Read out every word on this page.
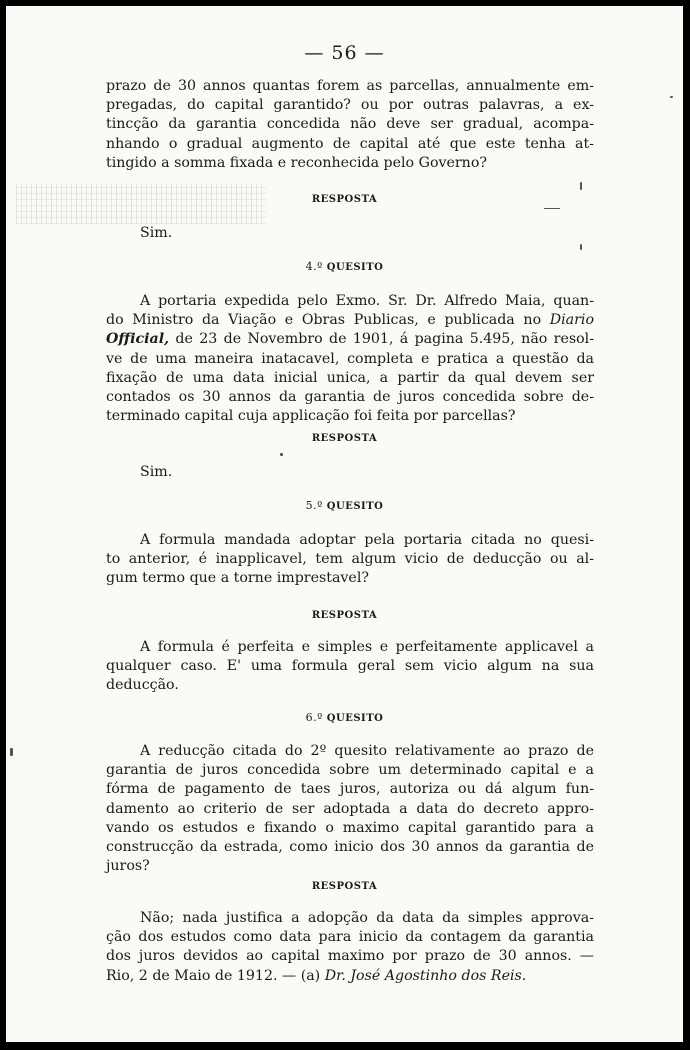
— 56 —
prazo de 30 annos quantas forem as parcellas, annualmente em-
pregadas, do capital garantido? ou por outras palavras, a ex-
tincção da garantia concedida não deve ser gradual, acompa-
nhando o gradual augmento de capital até que este tenha at-
tingido a somma fixada e reconhecida pelo Governo?
RESPOSTA
Sim.
4.º QUESITO
A portaria expedida pelo Exmo. Sr. Dr. Alfredo Maia, quan-
do Ministro da Viação e Obras Publicas, e publicada no Diario
Official, de 23 de Novembro de 1901, á pagina 5.495, não resol-
ve de uma maneira inatacavel, completa e pratica a questão da
fixação de uma data inicial unica, a partir da qual devem ser
contados os 30 annos da garantia de juros concedida sobre de-
terminado capital cuja applicação foi feita por parcellas?
RESPOSTA
Sim.
5.º QUESITO
A formula mandada adoptar pela portaria citada no quesi-
to anterior, é inapplicavel, tem algum vicio de deducção ou al-
gum termo que a torne imprestavel?
RESPOSTA
A formula é perfeita e simples e perfeitamente applicavel a
qualquer caso. E' uma formula geral sem vicio algum na sua
deducção.
6.º QUESITO
A reducção citada do 2º quesito relativamente ao prazo de
garantia de juros concedida sobre um determinado capital e a
fórma de pagamento de taes juros, autoriza ou dá algum fun-
damento ao criterio de ser adoptada a data do decreto appro-
vando os estudos e fixando o maximo capital garantido para a
construcção da estrada, como inicio dos 30 annos da garantia de
juros?
RESPOSTA
Não; nada justifica a adopção da data da simples approva-
ção dos estudos como data para inicio da contagem da garantia
dos juros devidos ao capital maximo por prazo de 30 annos. —
Rio, 2 de Maio de 1912. — (a) Dr. José Agostinho dos Reis.
